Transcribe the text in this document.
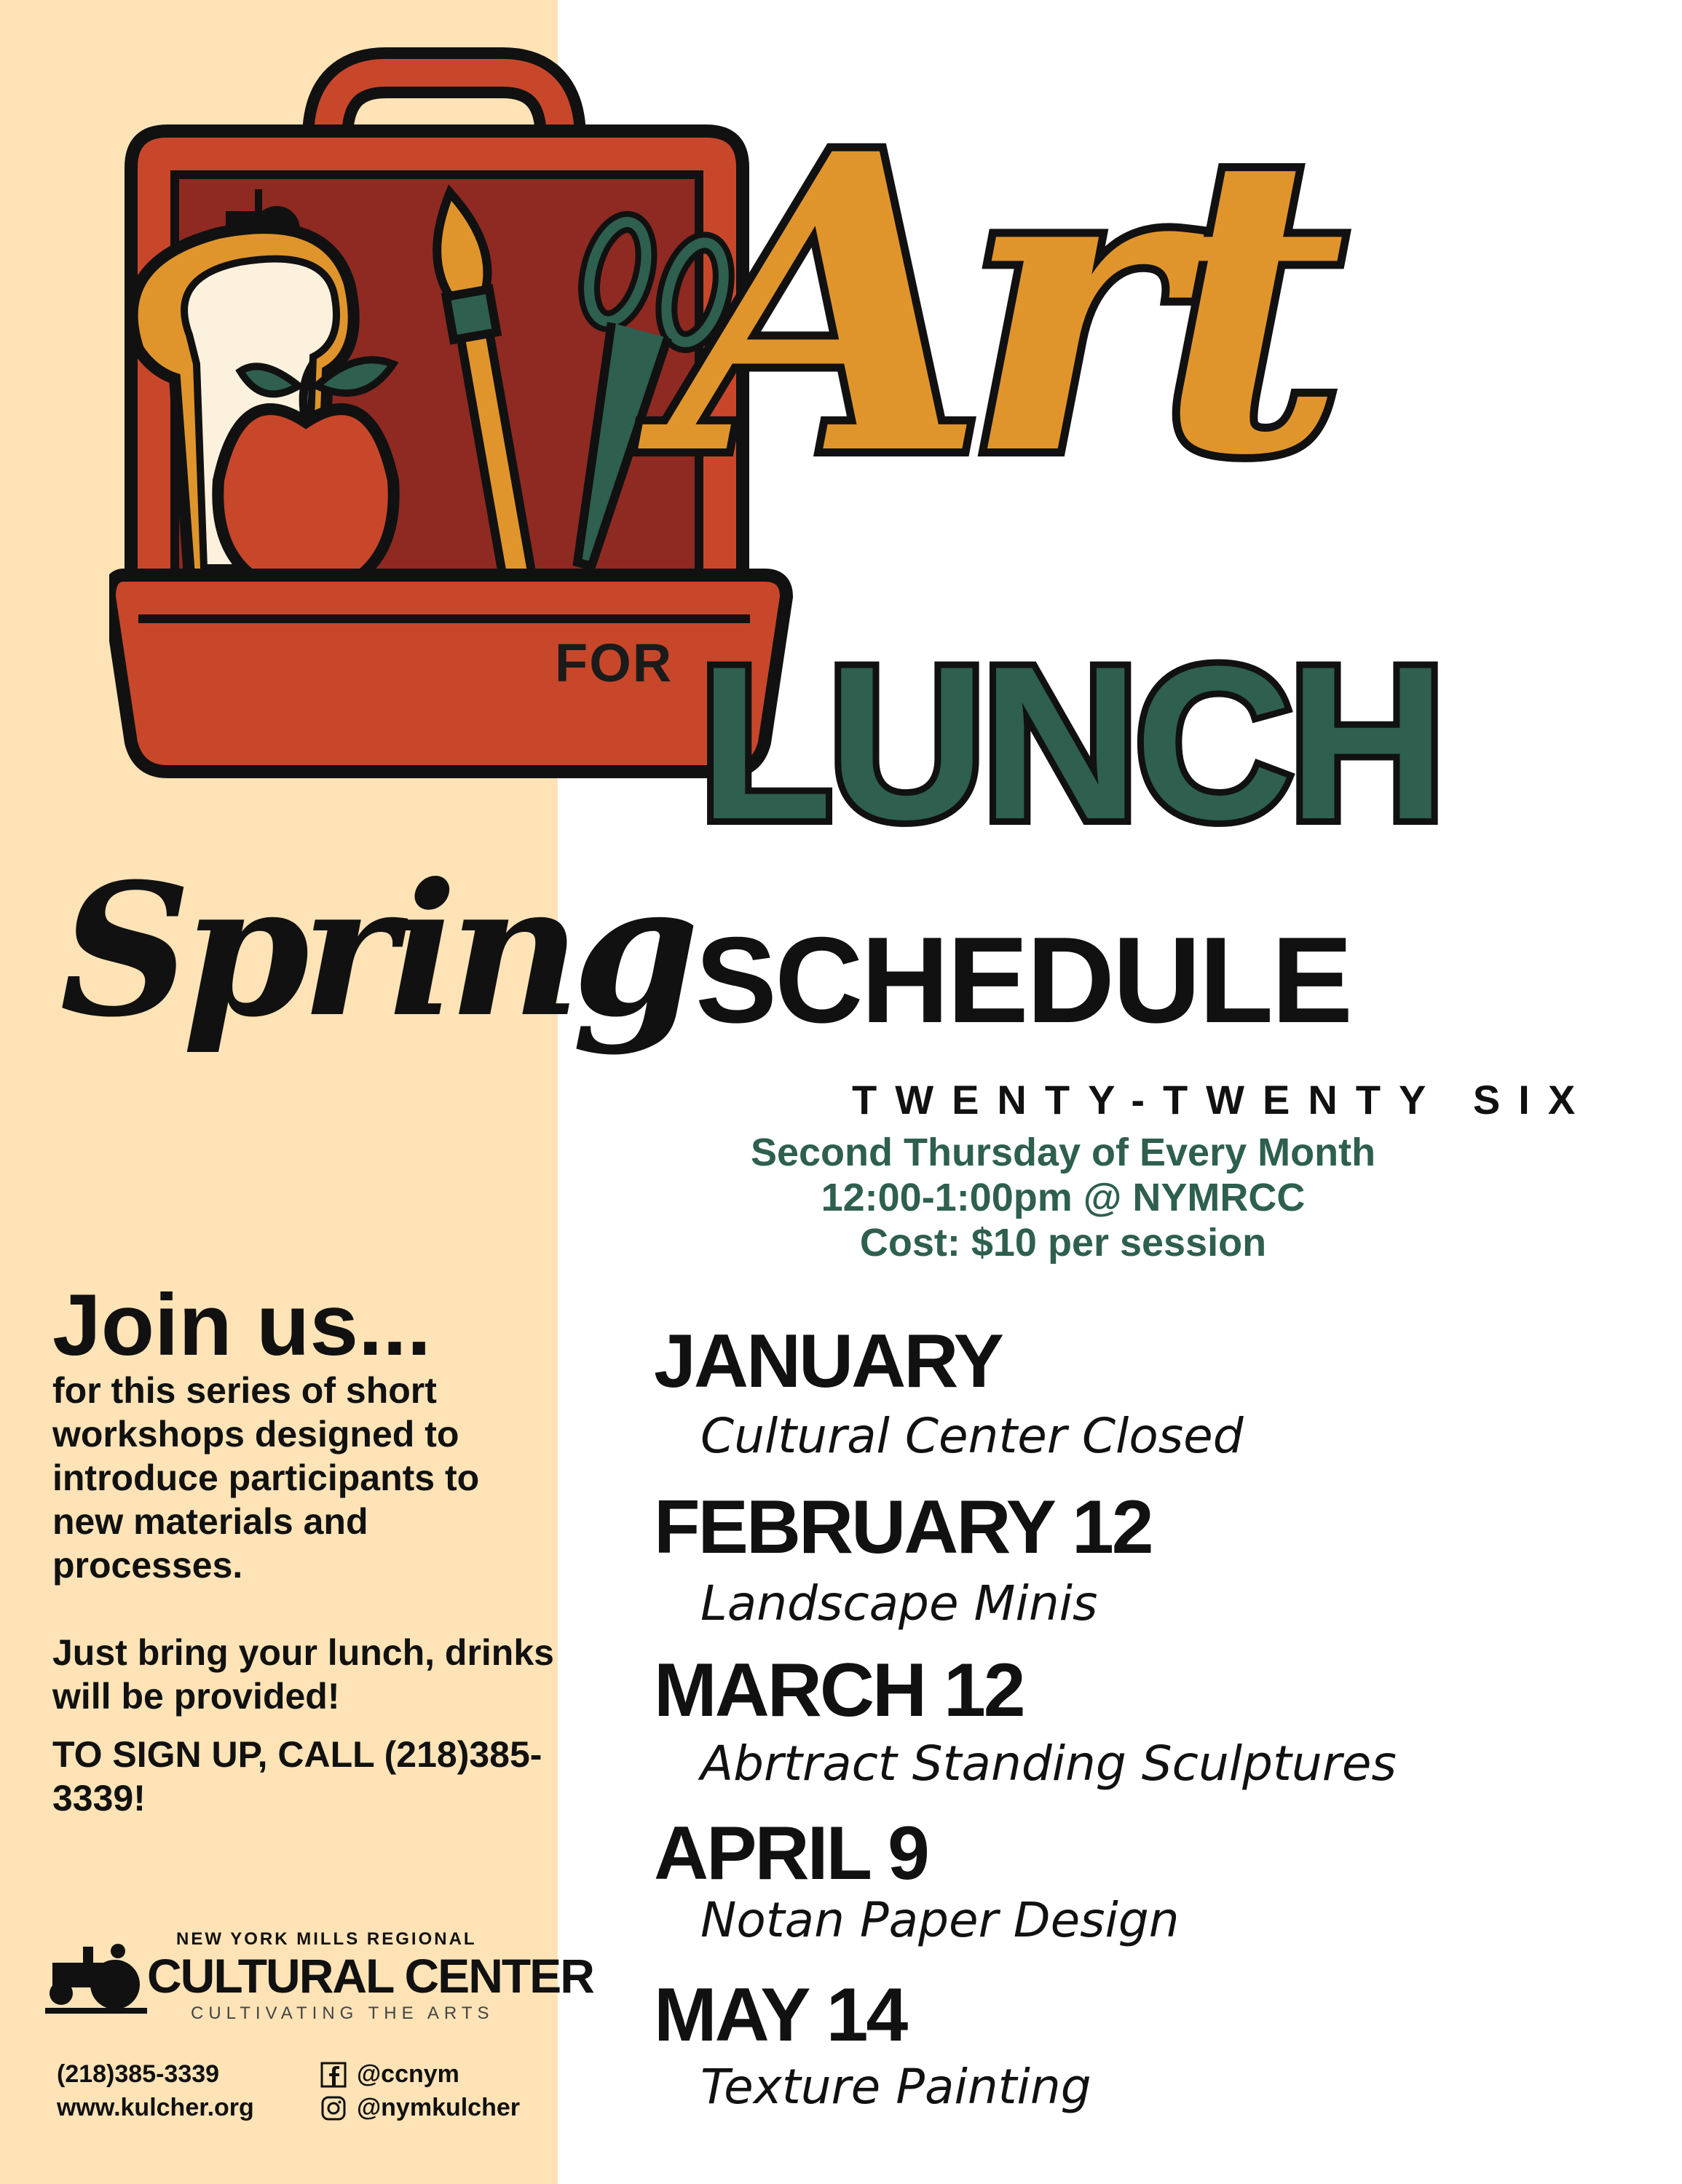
Art
FOR LUNCH
Spring SCHEDULE
TWENTY-TWENTY SIX
Second Thursday of Every Month
12:00-1:00pm @ NYMRCC
Cost: $10 per session
Join us...
for this series of short workshops designed to introduce participants to new materials and processes.
Just bring your lunch, drinks will be provided!
TO SIGN UP, CALL (218)385-3339!
NEW YORK MILLS REGIONAL
CULTURAL CENTER
CULTIVATING THE ARTS
(218)385-3339
www.kulcher.org
@ccnym
@nymkulcher
JANUARY
Cultural Center Closed
FEBRUARY 12
Landscape Minis
MARCH 12
Abrtract Standing Sculptures
APRIL 9
Notan Paper Design
MAY 14
Texture Painting
